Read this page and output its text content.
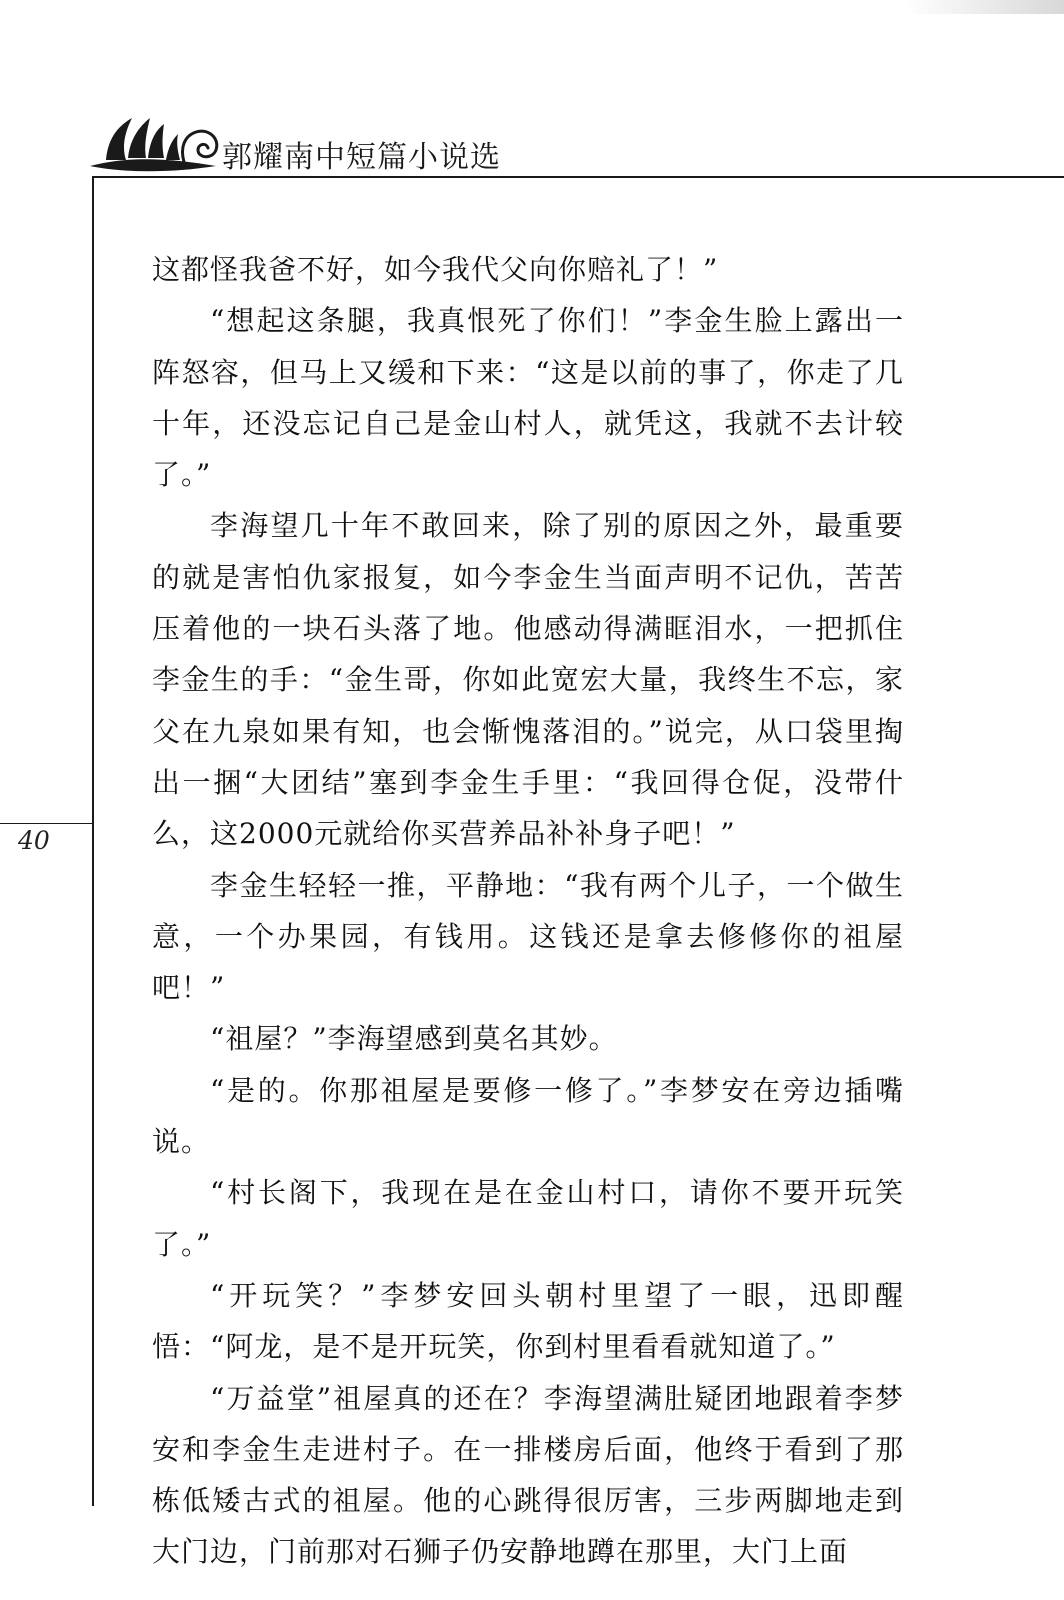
郭耀南中短篇小说选
40

这都怪我爸不好，如今我代父向你赔礼了！”

“想起这条腿，我真恨死了你们！”李金生脸上露出一阵怒容，但马上又缓和下来：“这是以前的事了，你走了几十年，还没忘记自己是金山村人，就凭这，我就不去计较了。”

李海望几十年不敢回来，除了别的原因之外，最重要的就是害怕仇家报复，如今李金生当面声明不记仇，苦苦压着他的一块石头落了地。他感动得满眶泪水，一把抓住李金生的手：“金生哥，你如此宽宏大量，我终生不忘，家父在九泉如果有知，也会惭愧落泪的。”说完，从口袋里掏出一捆“大团结”塞到李金生手里：“我回得仓促，没带什么，这2000元就给你买营养品补补身子吧！”

李金生轻轻一推，平静地：“我有两个儿子，一个做生意，一个办果园，有钱用。这钱还是拿去修修你的祖屋吧！”

“祖屋？”李海望感到莫名其妙。

“是的。你那祖屋是要修一修了。”李梦安在旁边插嘴说。

“村长阁下，我现在是在金山村口，请你不要开玩笑了。”

“开玩笑？”李梦安回头朝村里望了一眼，迅即醒悟：“阿龙，是不是开玩笑，你到村里看看就知道了。”

“万益堂”祖屋真的还在？李海望满肚疑团地跟着李梦安和李金生走进村子。在一排楼房后面，他终于看到了那栋低矮古式的祖屋。他的心跳得很厉害，三步两脚地走到大门边，门前那对石狮子仍安静地蹲在那里，大门上面
